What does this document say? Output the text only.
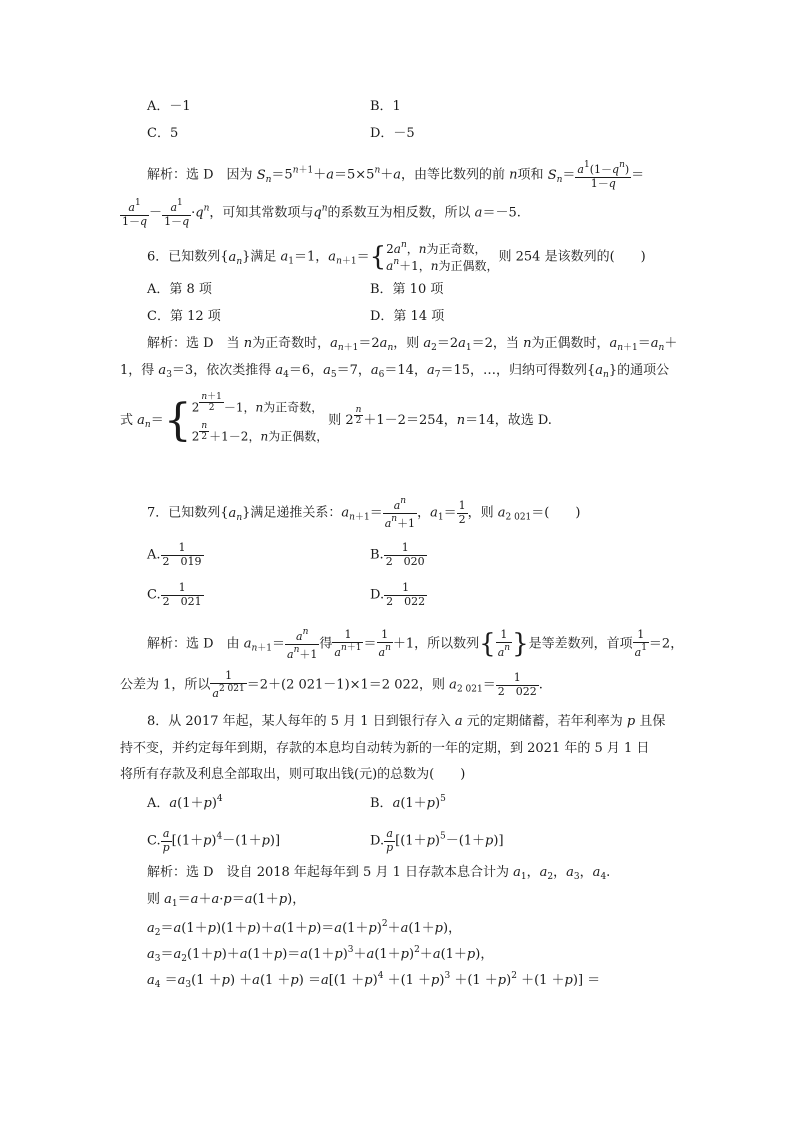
A．－1	B．1
C．5	D．－5
解析：选 D　因为 $S_n=5^{n+1}+a=5\times 5^n+a$，由等比数列的前 n项和 $S_n= \frac{a^1(1-q^n)}{1-q}$ ＝
$\frac{a^1}{1-q} - \frac{a^1}{1-q} \cdot q^n$，可知其常数项与$q^n$的系数互为相反数，所以 a＝－5.
6．已知数列$\{a_n\}$满足 $a_1=1$，$a_{n+1}=\{2a^n$，n为正奇数，
$a^n+1$，n为正偶数，则 254 是该数列的(　　)
A．第 8 项	B．第 10 项
C．第 12 项	D．第 14 项
解析：选 D　当 n为正奇数时，$a_{n+1}=2a_n$，则 $a_2=2a_1=2$，当 n为正偶数时，$a_{n+1}=a_n+$
1，得 $a_3=3$，依次类推得 $a_4=6$，$a_5=7$，$a_6=14$，$a_7=15$，…，归纳可得数列$\{a_n\}$的通项公
式 $a_n=\{2$ $^{\frac{n+1}{2}}$ －1，n为正奇数，
2 $^{\frac{n}{2}}$ ＋1－2，n为正偶数，则 2 $^{\frac{n}{2}}$ ＋1－2＝254，n＝14，故选 D.
7．已知数列$\{a_n\}$满足递推关系：$a_{n+1}= \frac{a^n}{a^n+1}$ ，$a_1= \frac{1}{2}$ ，则 $a_{2 021}=$(　　)
A. $\frac{1}{2 019}$	B. $\frac{1}{2 020}$
C. $\frac{1}{2 021}$	D. $\frac{1}{2 022}$
解析：选 D　由 $a_{n+1}= \frac{a^n}{a^n+1}$ 得 $\frac{1}{a^{n+1}} = \frac{1}{a^n} +1$，所以数列{ $\frac{1}{a^n}$ }是等差数列，首项 $\frac{1}{a^1} =2$，
公差为 1，所以 $\frac{1}{a^{2 021}} =2+(2$ 021－1)×1＝2 022，则 $a_{2 021}= \frac{1}{2 022}$ .
8．从 2017 年起，某人每年的 5 月 1 日到银行存入 a 元的定期储蓄，若年利率为 p 且保
持不变，并约定每年到期，存款的本息均自动转为新的一年的定期，到 2021 年的 5 月 1 日
将所有存款及利息全部取出，则可取出钱(元)的总数为(　　)
A．$a(1+p)^4$	B．$a(1+p)^5$
C. $\frac{a}{p} [(1+p)^4-(1+p)]$	D. $\frac{a}{p} [(1+p)^5-(1+p)]$
解析：选 D　设自 2018 年起每年到 5 月 1 日存款本息合计为 $a_1$，$a_2$，$a_3$，$a_4$.
则 $a_1=a+a\cdot p=a(1+p)$，
$a_2=a(1+p)(1+p)+a(1+p)=a(1+p)^2+a(1+p)$，
$a_3=a_2(1+p)+a(1+p)=a(1+p)^3+a(1+p)^2+a(1+p)$，
$a_4 =a_3(1 +p) +a(1 +p) =a[(1 +p)^4 +(1 +p)^3 +(1 +p)^2 +(1 +p)]$ ＝
